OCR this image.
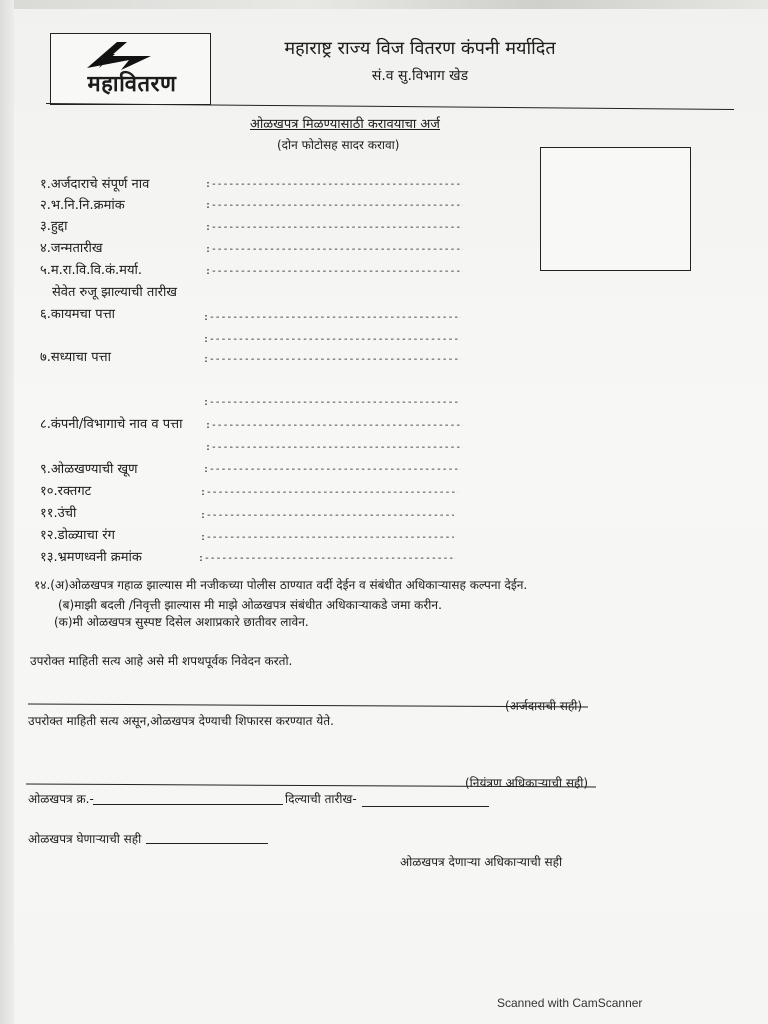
महावितरण
महाराष्ट्र राज्य विज वितरण कंपनी मर्यादित
सं.व सु.विभाग खेड
ओळखपत्र मिळण्यासाठी करावयाचा अर्ज
(दोन फोटोसह सादर करावा)
१.अर्जदाराचे संपूर्ण नाव
:-----------------------------------------------------------------------------------
२.भ.नि.नि.क्रमांक
:-----------------------------------------------------------------------------------
३.हुद्दा
:-----------------------------------------------------------------------------------
४.जन्मतारीख
:-----------------------------------------------------------------------------------
५.म.रा.वि.वि.कं.मर्या.
:-----------------------------------------------------------------------------------
सेवेत रुजू झाल्याची तारीख
६.कायमचा पत्ता
:-----------------------------------------------------------------------------------
:-----------------------------------------------------------------------------------
७.सध्याचा पत्ता
:-----------------------------------------------------------------------------------
:-----------------------------------------------------------------------------------
८.कंपनी/विभागाचे नाव व पत्ता
:-----------------------------------------------------------------------------------
:-----------------------------------------------------------------------------------
९.ओळखण्याची खूण
:-----------------------------------------------------------------------------------
१०.रक्तगट
:-----------------------------------------------------------------------------------
११.उंची
:-----------------------------------------------------------------------------------
१२.डोळ्याचा रंग
:-----------------------------------------------------------------------------------
१३.भ्रमणध्वनी क्रमांक
:-----------------------------------------------------------------------------------
१४.(अ)ओळखपत्र गहाळ झाल्यास मी नजीकच्या पोलीस ठाण्यात वर्दी देईन व संबंधीत अधिकाऱ्यासह कल्पना देईन.
(ब)माझी बदली /निवृत्ती झाल्यास मी माझे ओळखपत्र संबंधीत अधिकाऱ्याकडे जमा करीन.
(क)मी ओळखपत्र सुस्पष्ट दिसेल अशाप्रकारे छातीवर लावेन.
उपरोक्त माहिती सत्य आहे असे मी शपथपूर्वक निवेदन करतो.
(अर्जदाराची सही)
उपरोक्त माहिती सत्य असून,ओळखपत्र देण्याची शिफारस करण्यात येते.
(नियंत्रण अधिकाऱ्याची सही)
ओळखपत्र क्र.-	दिल्याची तारीख-
ओळखपत्र घेणाऱ्याची सही
ओळखपत्र देणाऱ्या अधिकाऱ्याची सही
Scanned with CamScanner
